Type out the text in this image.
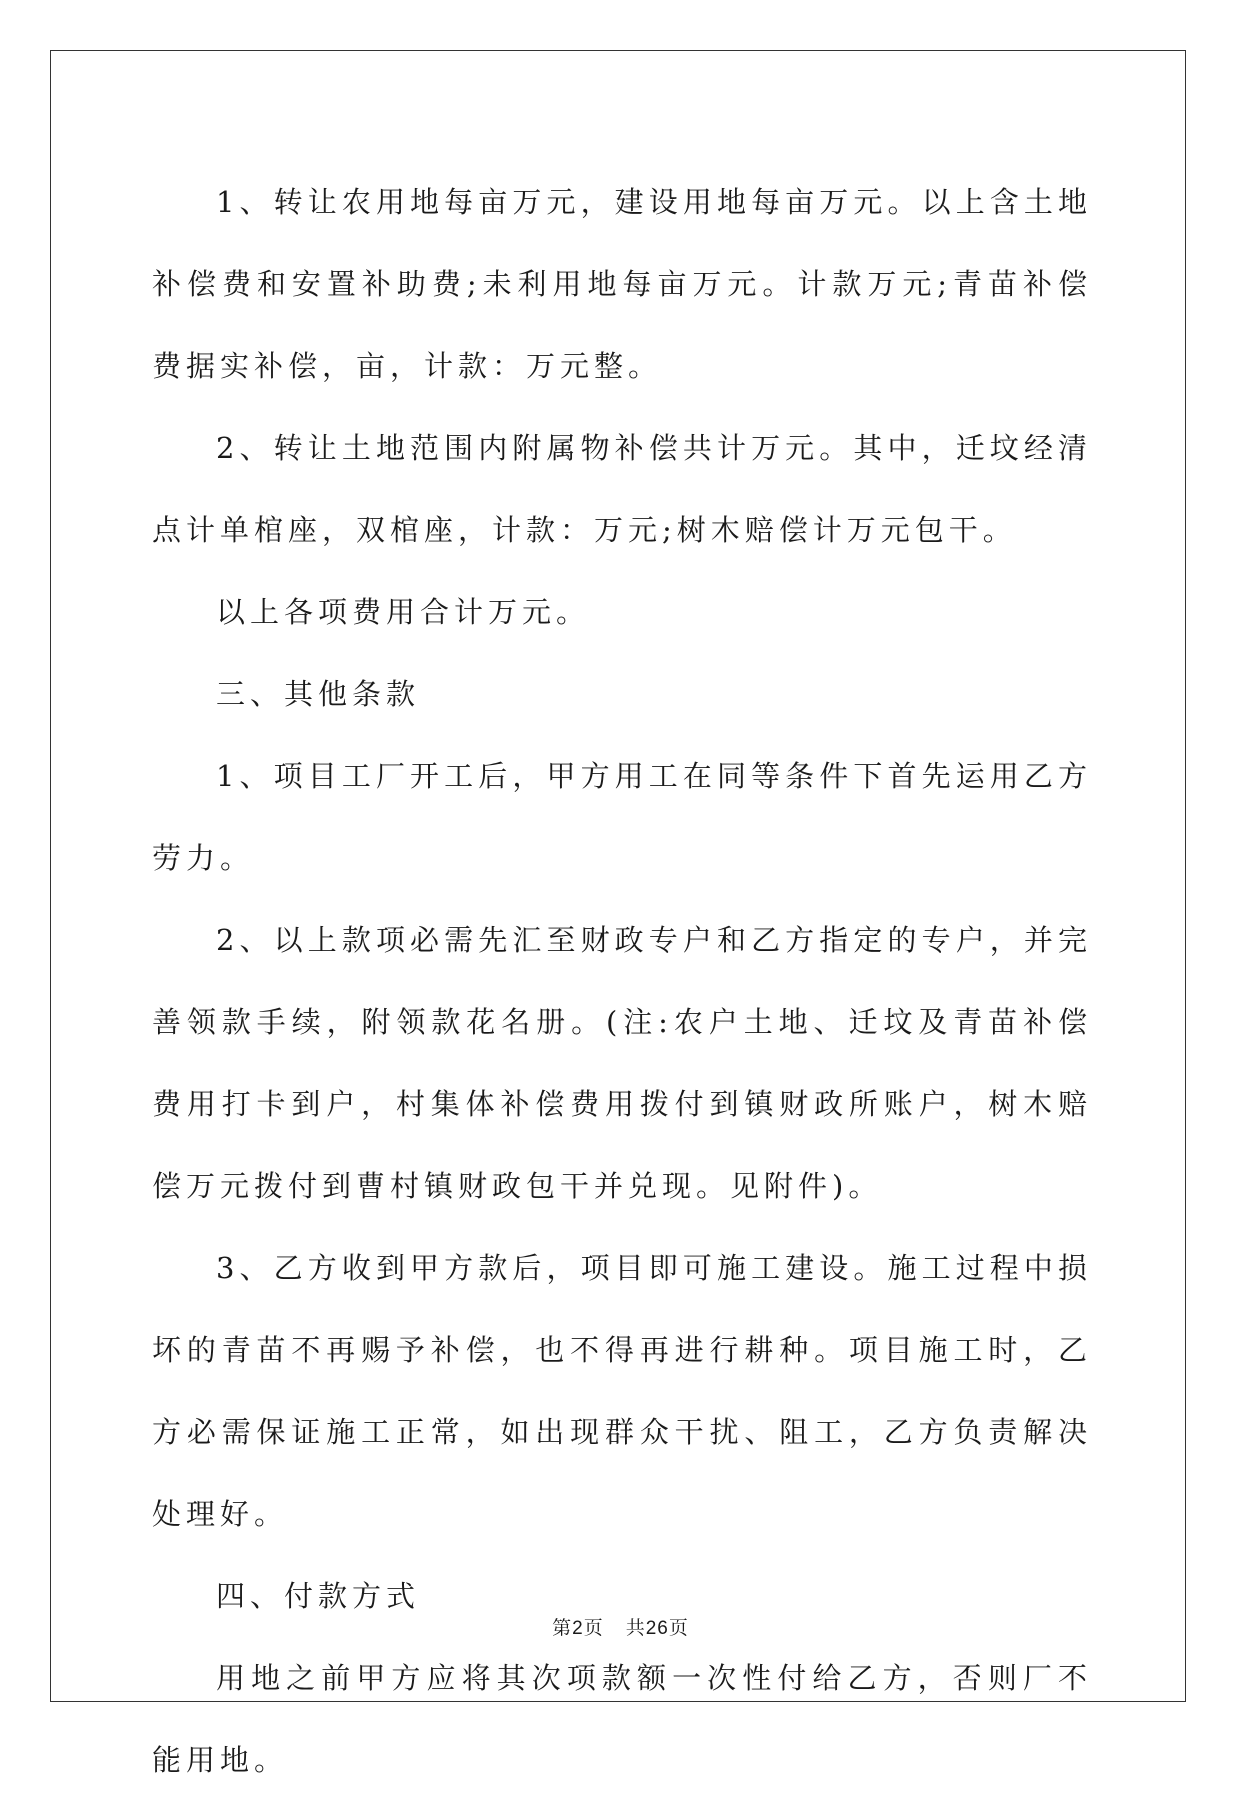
1、转让农用地每亩万元，建设用地每亩万元。以上含土地补偿费和安置补助费;未利用地每亩万元。计款万元;青苗补偿费据实补偿，亩，计款：万元整。

2、转让土地范围内附属物补偿共计万元。其中，迁坟经清点计单棺座，双棺座，计款：万元;树木赔偿计万元包干。

以上各项费用合计万元。

三、其他条款

1、项目工厂开工后，甲方用工在同等条件下首先运用乙方劳力。

2、以上款项必需先汇至财政专户和乙方指定的专户，并完善领款手续，附领款花名册。(注:农户土地、迁坟及青苗补偿费用打卡到户，村集体补偿费用拨付到镇财政所账户，树木赔偿万元拨付到曹村镇财政包干并兑现。见附件)。

3、乙方收到甲方款后，项目即可施工建设。施工过程中损坏的青苗不再赐予补偿，也不得再进行耕种。项目施工时，乙方必需保证施工正常，如出现群众干扰、阻工，乙方负责解决处理好。

四、付款方式

用地之前甲方应将其次项款额一次性付给乙方，否则厂不能用地。

第2页 共26页
